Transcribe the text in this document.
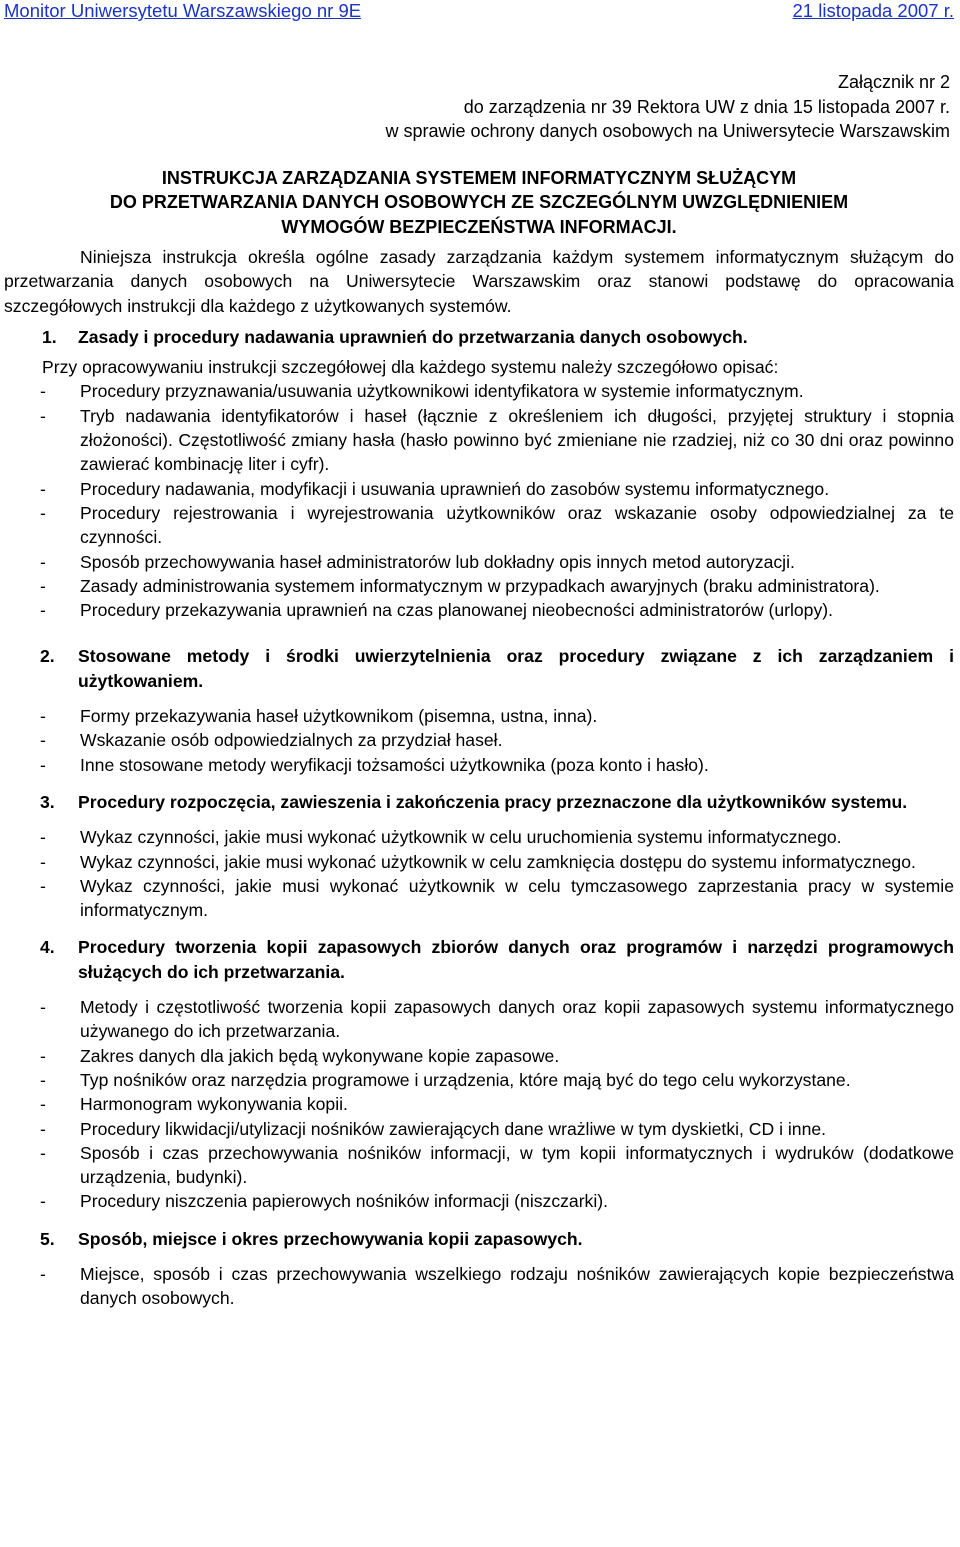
Monitor Uniwersytetu Warszawskiego nr 9E	21 listopada 2007 r.
Załącznik nr 2
do zarządzenia nr 39 Rektora UW z dnia 15 listopada 2007 r.
w sprawie ochrony danych osobowych na Uniwersytecie Warszawskim
INSTRUKCJA ZARZĄDZANIA SYSTEMEM INFORMATYCZNYM SŁUŻĄCYM
DO PRZETWARZANIA DANYCH OSOBOWYCH ZE SZCZEGÓLNYM UWZGLĘDNIENIEM
WYMOGÓW BEZPIECZEŃSTWA INFORMACJI.
Niniejsza instrukcja określa ogólne zasady zarządzania każdym systemem informatycznym służącym do przetwarzania danych osobowych na Uniwersytecie Warszawskim oraz stanowi podstawę do opracowania szczegółowych instrukcji dla każdego z użytkowanych systemów.
1.	Zasady i procedury nadawania uprawnień do przetwarzania danych osobowych.
Przy opracowywaniu instrukcji szczegółowej dla każdego systemu należy szczegółowo opisać:
-	Procedury przyznawania/usuwania użytkownikowi identyfikatora w systemie informatycznym.
-	Tryb nadawania identyfikatorów i haseł (łącznie z określeniem ich długości, przyjętej struktury i stopnia złożoności). Częstotliwość zmiany hasła (hasło powinno być zmieniane nie rzadziej, niż co 30 dni oraz powinno zawierać kombinację liter i cyfr).
-	Procedury nadawania, modyfikacji i usuwania uprawnień do zasobów systemu informatycznego.
-	Procedury rejestrowania i wyrejestrowania użytkowników oraz wskazanie osoby odpowiedzialnej za te czynności.
-	Sposób przechowywania haseł administratorów lub dokładny opis innych metod autoryzacji.
-	Zasady administrowania systemem informatycznym w przypadkach awaryjnych (braku administratora).
-	Procedury przekazywania uprawnień na czas planowanej nieobecności administratorów (urlopy).
2.	Stosowane metody i środki uwierzytelnienia oraz procedury związane z ich zarządzaniem i użytkowaniem.
-	Formy przekazywania haseł użytkownikom (pisemna, ustna, inna).
-	Wskazanie osób odpowiedzialnych za przydział haseł.
-	Inne stosowane metody weryfikacji tożsamości użytkownika (poza konto i hasło).
3.	Procedury rozpoczęcia, zawieszenia i zakończenia pracy przeznaczone dla użytkowników systemu.
-	Wykaz czynności, jakie musi wykonać użytkownik w celu uruchomienia systemu informatycznego.
-	Wykaz czynności, jakie musi wykonać użytkownik w celu zamknięcia dostępu do systemu informatycznego.
-	Wykaz czynności, jakie musi wykonać użytkownik w celu tymczasowego zaprzestania pracy w systemie informatycznym.
4.	Procedury tworzenia kopii zapasowych zbiorów danych oraz programów i narzędzi programowych służących do ich przetwarzania.
-	Metody i częstotliwość tworzenia kopii zapasowych danych oraz kopii zapasowych systemu informatycznego używanego do ich przetwarzania.
-	Zakres danych dla jakich będą wykonywane kopie zapasowe.
-	Typ nośników oraz narzędzia programowe i urządzenia, które mają być do tego celu wykorzystane.
-	Harmonogram wykonywania kopii.
-	Procedury likwidacji/utylizacji nośników zawierających dane wrażliwe w tym dyskietki, CD i inne.
-	Sposób i czas przechowywania nośników informacji, w tym kopii informatycznych i wydruków (dodatkowe urządzenia, budynki).
-	Procedury niszczenia papierowych nośników informacji (niszczarki).
5.	Sposób, miejsce i okres przechowywania kopii zapasowych.
-	Miejsce, sposób i czas przechowywania wszelkiego rodzaju nośników zawierających kopie bezpieczeństwa danych osobowych.
